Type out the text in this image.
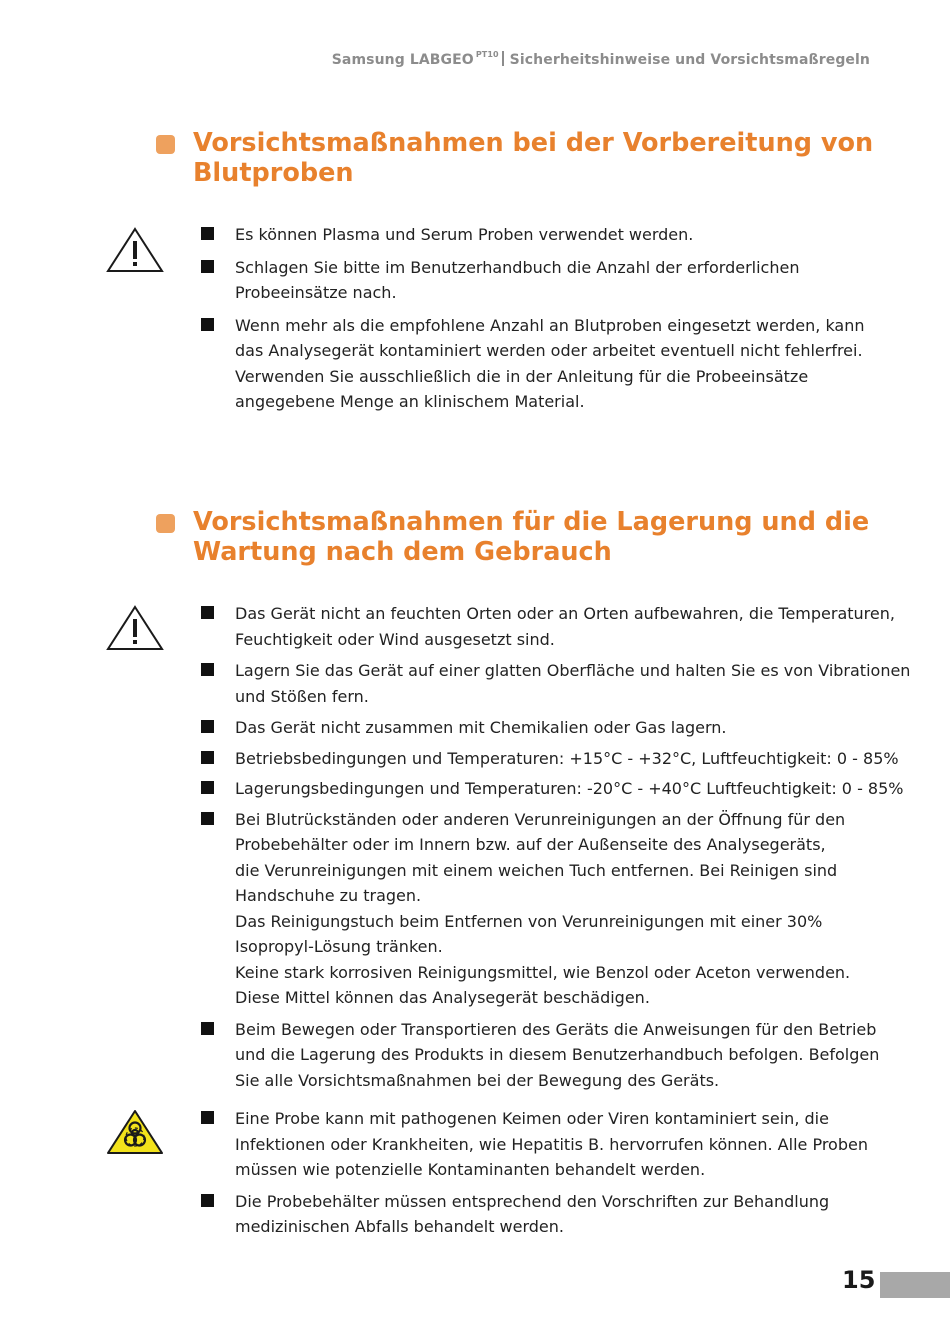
Samsung LABGEO $^{PT10}$ Sicherheitshinweise und Vorsichtsmaßregeln
Vorsichtsmaßnahmen bei der Vorbereitung von
Blutproben
Es können Plasma und Serum Proben verwendet werden.
Schlagen Sie bitte im Benutzerhandbuch die Anzahl der erforderlichen
Probeeinsätze nach.
Wenn mehr als die empfohlene Anzahl an Blutproben eingesetzt werden, kann
das Analysegerät kontaminiert werden oder arbeitet eventuell nicht fehlerfrei.
Verwenden Sie ausschließlich die in der Anleitung für die Probeeinsätze
angegebene Menge an klinischem Material.
Vorsichtsmaßnahmen für die Lagerung und die
Wartung nach dem Gebrauch
Das Gerät nicht an feuchten Orten oder an Orten aufbewahren, die Temperaturen,
Feuchtigkeit oder Wind ausgesetzt sind.
Lagern Sie das Gerät auf einer glatten Oberfläche und halten Sie es von Vibrationen
und Stößen fern.
Das Gerät nicht zusammen mit Chemikalien oder Gas lagern.
Betriebsbedingungen und Temperaturen: +15°C - +32°C, Luftfeuchtigkeit: 0 - 85%
Lagerungsbedingungen und Temperaturen: -20°C - +40°C Luftfeuchtigkeit: 0 - 85%
Bei Blutrückständen oder anderen Verunreinigungen an der Öffnung für den
Probebehälter oder im Innern bzw. auf der Außenseite des Analysegeräts,
die Verunreinigungen mit einem weichen Tuch entfernen. Bei Reinigen sind
Handschuhe zu tragen.
Das Reinigungstuch beim Entfernen von Verunreinigungen mit einer 30%
Isopropyl-Lösung tränken.
Keine stark korrosiven Reinigungsmittel, wie Benzol oder Aceton verwenden.
Diese Mittel können das Analysegerät beschädigen.
Beim Bewegen oder Transportieren des Geräts die Anweisungen für den Betrieb
und die Lagerung des Produkts in diesem Benutzerhandbuch befolgen. Befolgen
Sie alle Vorsichtsmaßnahmen bei der Bewegung des Geräts.
Eine Probe kann mit pathogenen Keimen oder Viren kontaminiert sein, die
Infektionen oder Krankheiten, wie Hepatitis B. hervorrufen können. Alle Proben
müssen wie potenzielle Kontaminanten behandelt werden.
Die Probebehälter müssen entsprechend den Vorschriften zur Behandlung
medizinischen Abfalls behandelt werden.
15
